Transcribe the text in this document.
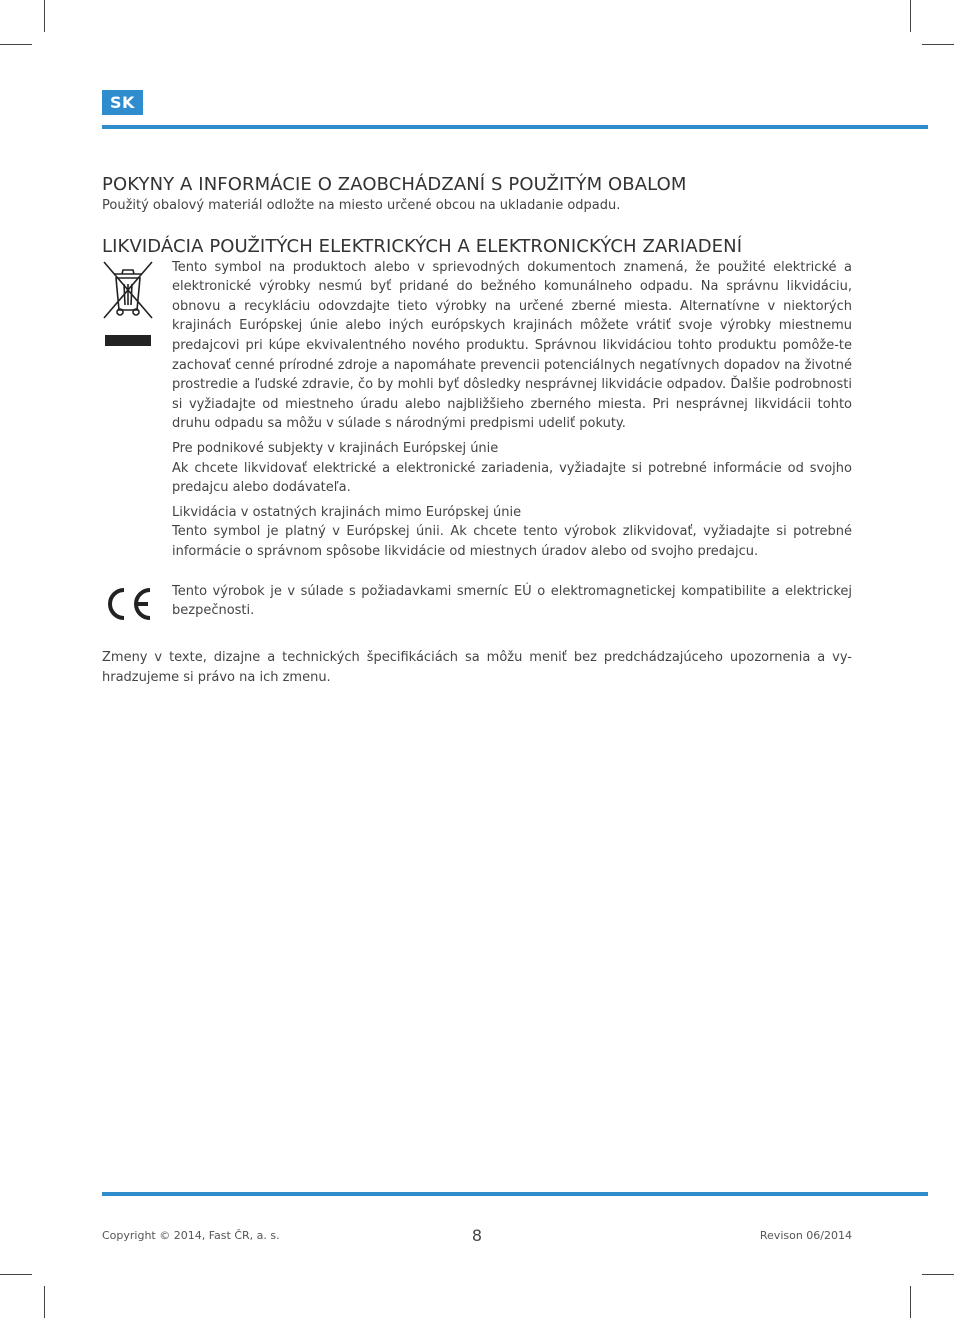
SK
POKYNY A INFORMÁCIE O ZAOBCHÁDZANÍ S POUŽITÝM OBALOM

Použitý obalový materiál odložte na miesto určené obcou na ukladanie odpadu.

LIKVIDÁCIA POUŽITÝCH ELEKTRICKÝCH A ELEKTRONICKÝCH ZARIADENÍ

Tento symbol na produktoch alebo v sprievodných dokumentoch znamená, že použité elektrické a elektronické výrobky nesmú byť pridané do bežného komunálneho odpadu. Na správnu likvidáciu, obnovu a recykláciu odovzdajte tieto výrobky na určené zberné miesta. Alternatívne v niektorých krajinách Európskej únie alebo iných európskych krajinách môžete vrátiť svoje výrobky miestnemu predajcovi pri kúpe ekvivalentného nového produktu. Správnou likvidáciou tohto produktu pomôže-te zachovať cenné prírodné zdroje a napomáhate prevencii potenciálnych negatívnych dopadov na životné prostredie a ľudské zdravie, čo by mohli byť dôsledky nesprávnej likvidácie odpadov. Ďalšie podrobnosti si vyžiadajte od miestneho úradu alebo najbližšieho zberného miesta. Pri nesprávnej likvidácii tohto druhu odpadu sa môžu v súlade s národnými predpismi udeliť pokuty.

Pre podnikové subjekty v krajinách Európskej únie

Ak chcete likvidovať elektrické a elektronické zariadenia, vyžiadajte si potrebné informácie od svojho predajcu alebo dodávateľa.

Likvidácia v ostatných krajinách mimo Európskej únie

Tento symbol je platný v Európskej únii. Ak chcete tento výrobok zlikvidovať, vyžiadajte si potrebné informácie o správnom spôsobe likvidácie od miestnych úradov alebo od svojho predajcu.

Tento výrobok je v súlade s požiadavkami smerníc EÚ o elektromagnetickej kompatibilite a elektrickej bezpečnosti.

Zmeny v texte, dizajne a technických špecifikáciách sa môžu meniť bez predchádzajúceho upozornenia a vy-hradzujeme si právo na ich zmenu.

Copyright © 2014, Fast ČR, a. s.	8	Revison 06/2014
